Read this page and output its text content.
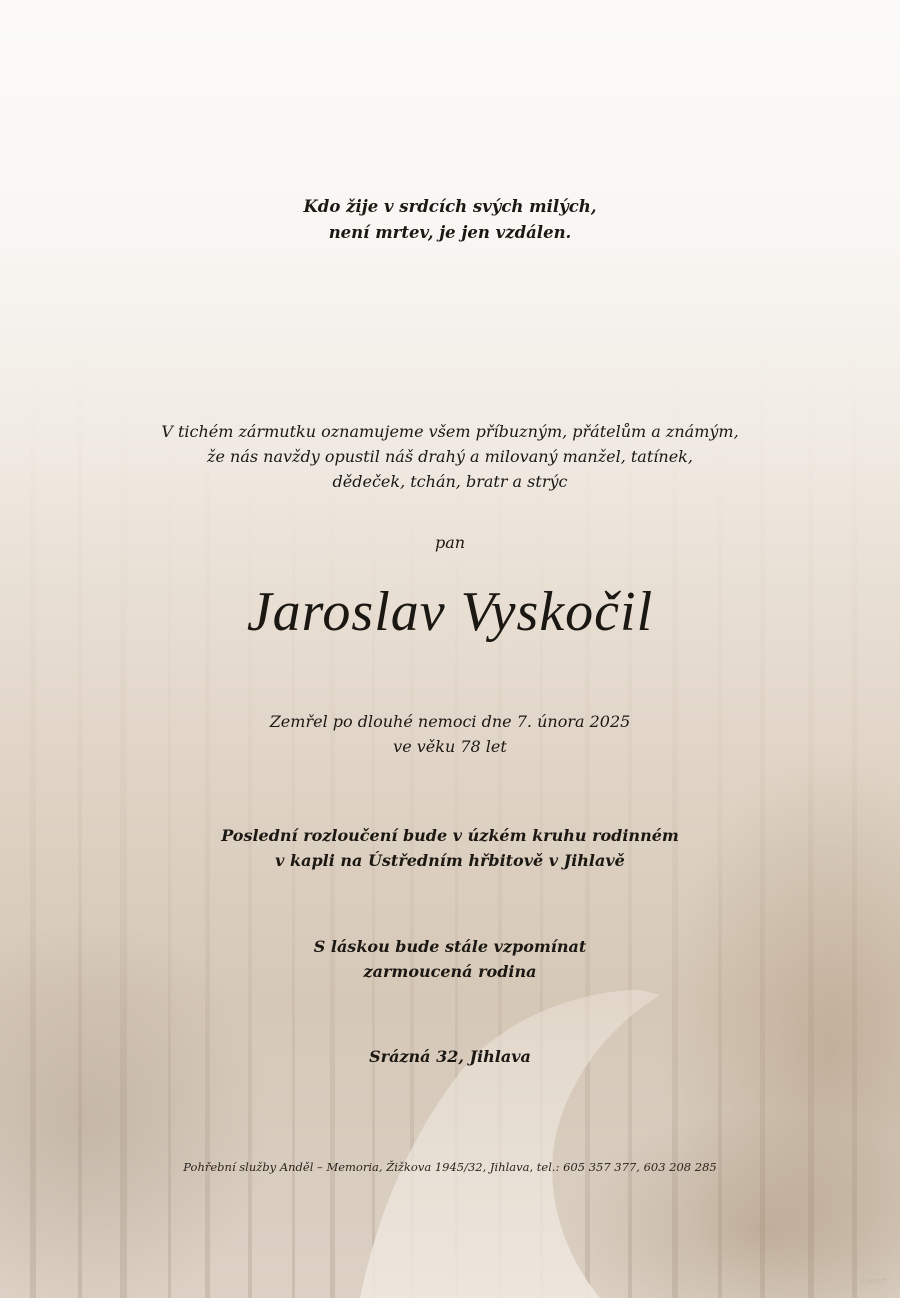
Kdo žije v srdcích svých milých,
není mrtev, je jen vzdálen.

V tichém zármutku oznamujeme všem příbuzným, přátelům a známým,
že nás navždy opustil náš drahý a milovaný manžel, tatínek,
dědeček, tchán, bratr a strýc

pan

Jaroslav Vyskočil

Zemřel po dlouhé nemoci dne 7. února 2025
ve věku 78 let

Poslední rozloučení bude v úzkém kruhu rodinném
v kapli na Ústředním hřbitově v Jihlavě

S láskou bude stále vzpomínat
zarmoucená rodina

Srázná 32, Jihlava

Pohřební služby Anděl – Memoria, Žižkova 1945/32, Jihlava, tel.: 605 357 377, 603 208 285

©MCST
